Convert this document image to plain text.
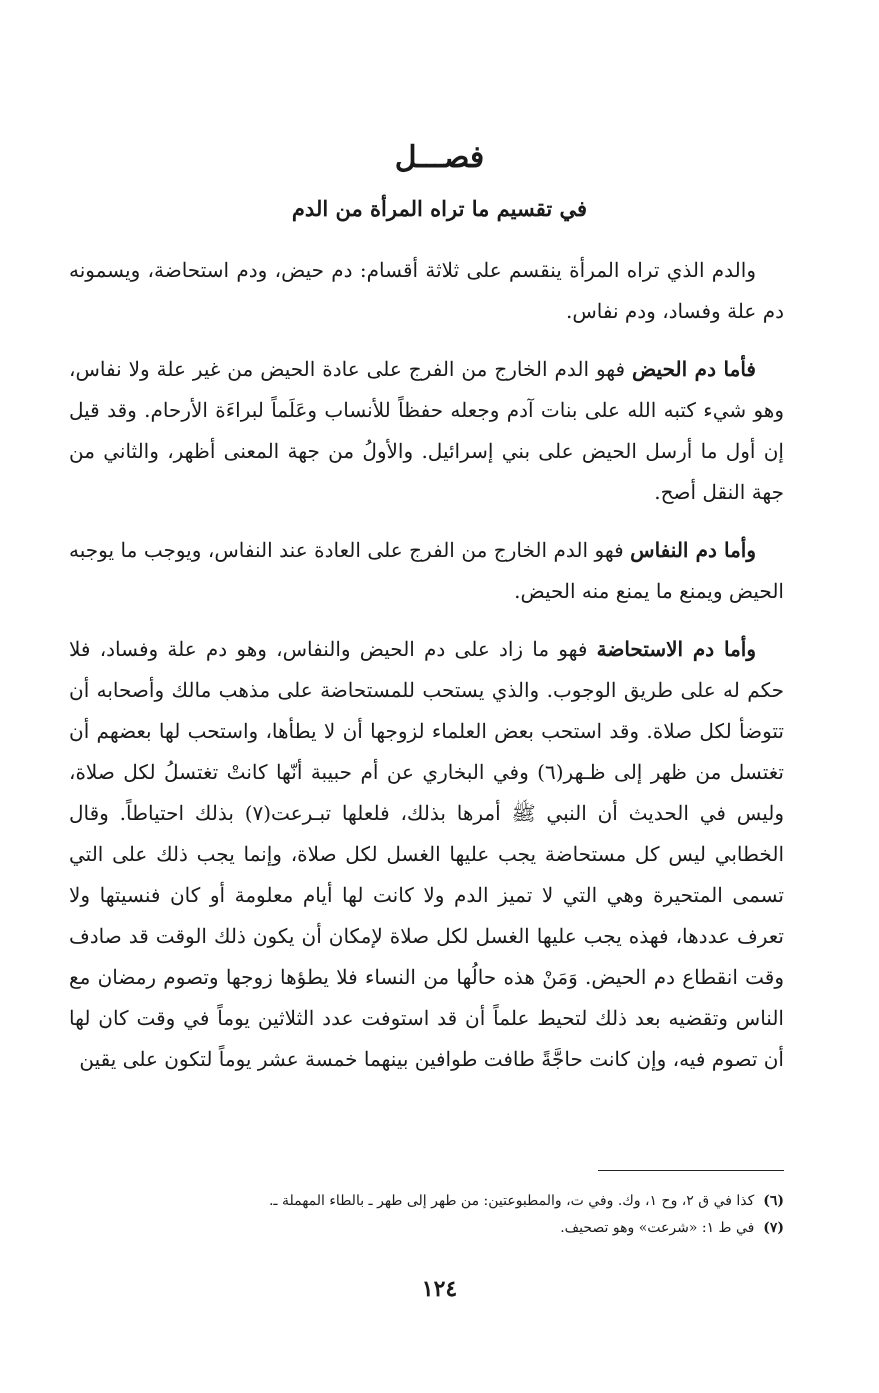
فصـــل
في تقسيم ما تراه المرأة من الدم

والدم الذي تراه المرأة ينقسم على ثلاثة أقسام: دم حيض، ودم استحاضة، ويسمونه دم علة وفساد، ودم نفاس.

فأما دم الحيض فهو الدم الخارج من الفرج على عادة الحيض من غير علة ولا نفاس، وهو شيء كتبه الله على بنات آدم وجعله حفظاً للأنساب وعَلَماً لبراءَة الأرحام. وقد قيل إن أول ما أرسل الحيض على بني إسرائيل. والأولُ من جهة المعنى أظهر، والثاني من جهة النقل أصح.

وأما دم النفاس فهو الدم الخارج من الفرج على العادة عند النفاس، ويوجب ما يوجبه الحيض ويمنع ما يمنع منه الحيض.

وأما دم الاستحاضة فهو ما زاد على دم الحيض والنفاس، وهو دم علة وفساد، فلا حكم له على طريق الوجوب. والذي يستحب للمستحاضة على مذهب مالك وأصحابه أن تتوضأ لكل صلاة. وقد استحب بعض العلماء لزوجها أن لا يطأها، واستحب لها بعضهم أن تغتسل من ظهر إلى ظـهر(٦) وفي البخاري عن أم حبيبة أنّها كانتْ تغتسلُ لكل صلاة، وليس في الحديث أن النبي ﷺ أمرها بذلك، فلعلها تبـرعت(٧) بذلك احتياطاً. وقال الخطابي ليس كل مستحاضة يجب عليها الغسل لكل صلاة، وإنما يجب ذلك على التي تسمى المتحيرة وهي التي لا تميز الدم ولا كانت لها أيام معلومة أو كان فنسيتها ولا تعرف عددها، فهذه يجب عليها الغسل لكل صلاة لإمكان أن يكون ذلك الوقت قد صادف وقت انقطاع دم الحيض. وَمَنْ هذه حالُها من النساء فلا يطؤها زوجها وتصوم رمضان مع الناس وتقضيه بعد ذلك لتحيط علماً أن قد استوفت عدد الثلاثين يوماً في وقت كان لها أن تصوم فيه، وإن كانت حاجَّةً طافت طوافين بينهما خمسة عشر يوماً لتكون على يقين

(٦)  كذا في ق ٢، وح ١، وك. وفي ت، والمطبوعتين: من طهر إلى طهر ـ بالطاء المهملة ـ.

(٧)  في ط ١: «شرعت» وهو تصحيف.

١٢٤
